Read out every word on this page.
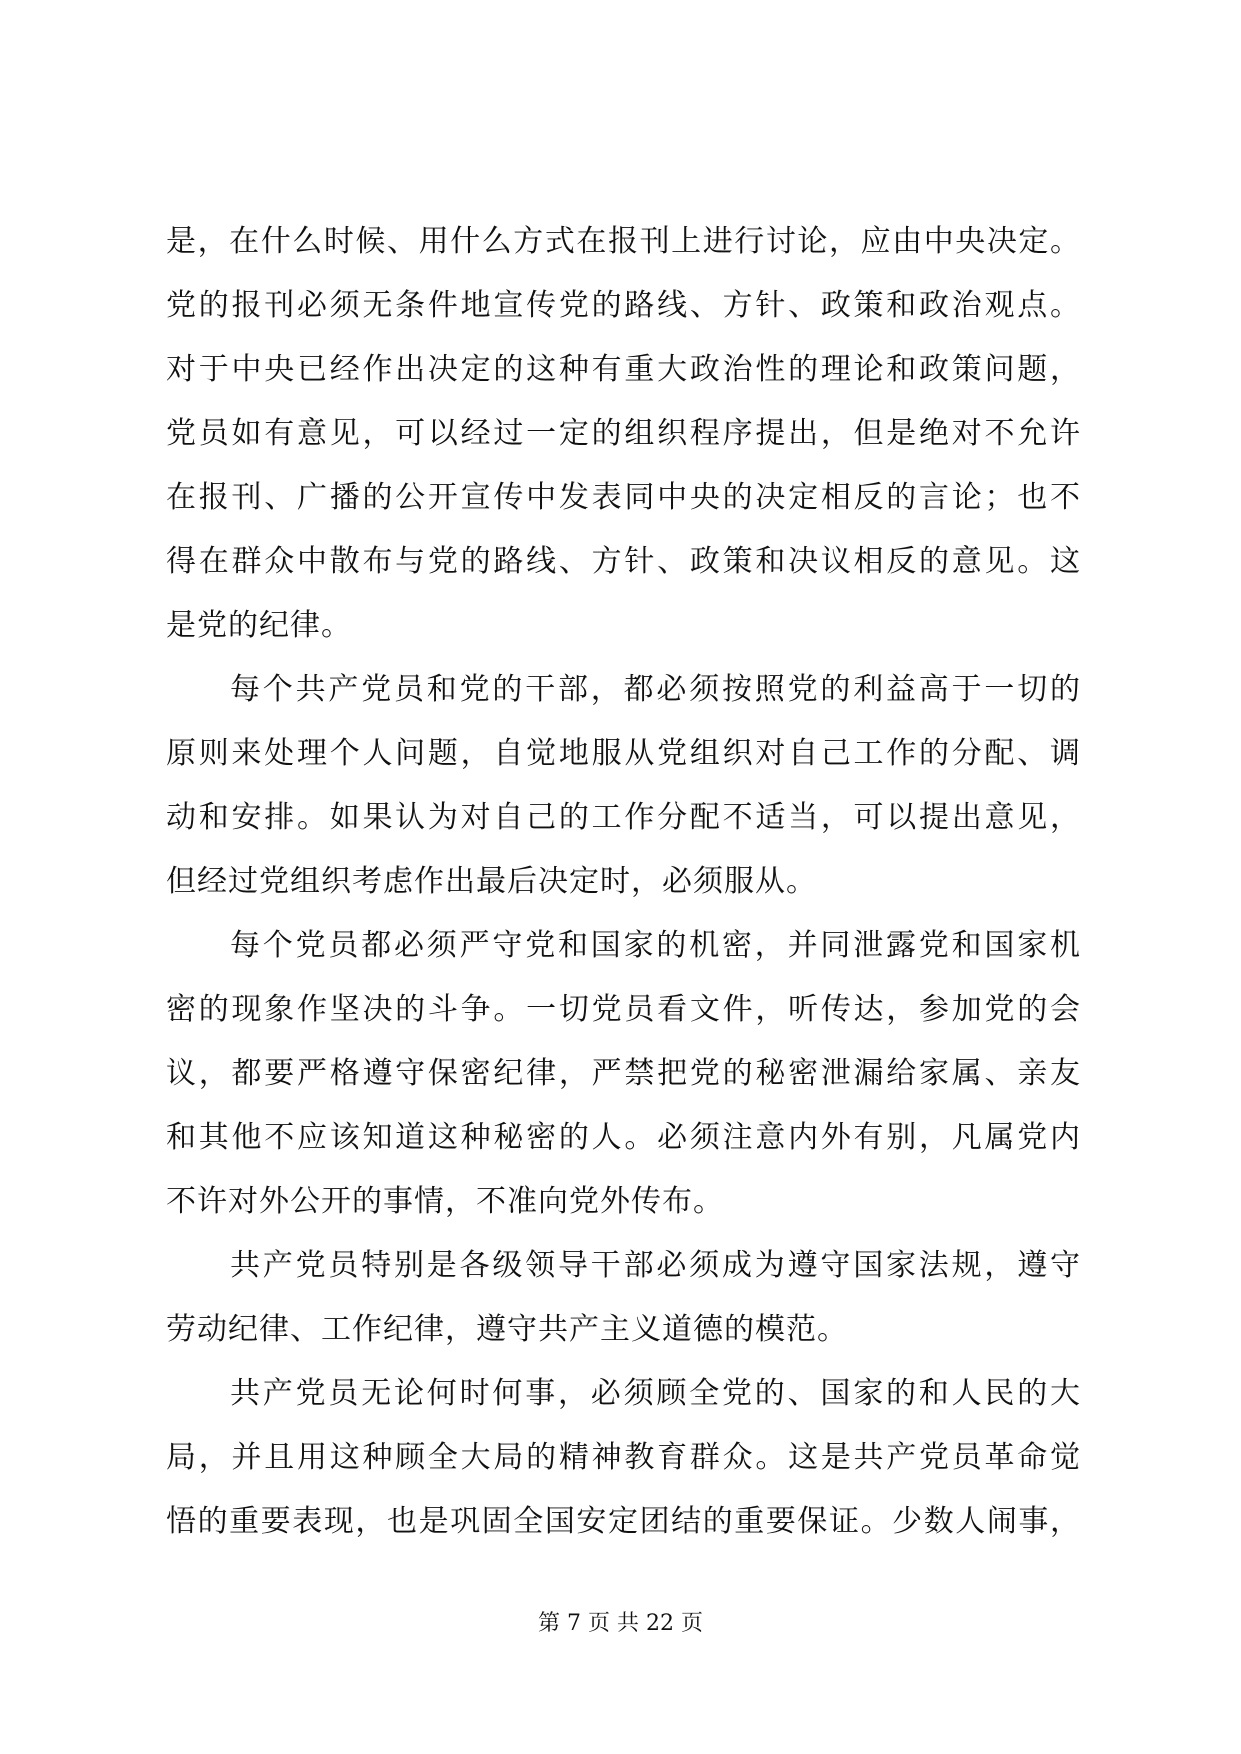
是，在什么时候、用什么方式在报刊上进行讨论，应由中央决定。
党的报刊必须无条件地宣传党的路线、方针、政策和政治观点。
对于中央已经作出决定的这种有重大政治性的理论和政策问题，
党员如有意见，可以经过一定的组织程序提出，但是绝对不允许
在报刊、广播的公开宣传中发表同中央的决定相反的言论；也不
得在群众中散布与党的路线、方针、政策和决议相反的意见。这
是党的纪律。
每个共产党员和党的干部，都必须按照党的利益高于一切的
原则来处理个人问题，自觉地服从党组织对自己工作的分配、调
动和安排。如果认为对自己的工作分配不适当，可以提出意见，
但经过党组织考虑作出最后决定时，必须服从。
每个党员都必须严守党和国家的机密，并同泄露党和国家机
密的现象作坚决的斗争。一切党员看文件，听传达，参加党的会
议，都要严格遵守保密纪律，严禁把党的秘密泄漏给家属、亲友
和其他不应该知道这种秘密的人。必须注意内外有别，凡属党内
不许对外公开的事情，不准向党外传布。
共产党员特别是各级领导干部必须成为遵守国家法规，遵守
劳动纪律、工作纪律，遵守共产主义道德的模范。
共产党员无论何时何事，必须顾全党的、国家的和人民的大
局，并且用这种顾全大局的精神教育群众。这是共产党员革命觉
悟的重要表现，也是巩固全国安定团结的重要保证。少数人闹事，
第 7 页 共 22 页
